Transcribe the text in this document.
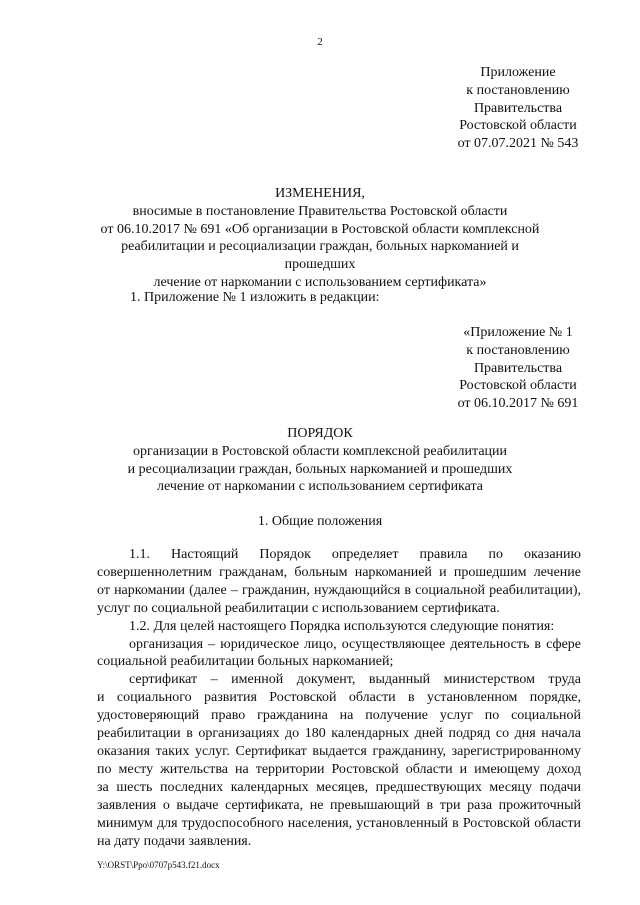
2
Приложение
к постановлению
Правительства
Ростовской области
от 07.07.2021 № 543
ИЗМЕНЕНИЯ,
вносимые в постановление Правительства Ростовской области
от 06.10.2017 № 691 «Об организации в Ростовской области комплексной
реабилитации и ресоциализации граждан, больных наркоманией и прошедших
лечение от наркомании с использованием сертификата»
1. Приложение № 1 изложить в редакции:
«Приложение № 1
к постановлению
Правительства
Ростовской области
от 06.10.2017 № 691
ПОРЯДОК
организации в Ростовской области комплексной реабилитации
и ресоциализации граждан, больных наркоманией и прошедших
лечение от наркомании с использованием сертификата
1. Общие положения
1.1. Настоящий Порядок определяет правила по оказанию
совершеннолетним гражданам, больным наркоманией и прошедшим лечение
от наркомании (далее – гражданин, нуждающийся в социальной реабилитации),
услуг по социальной реабилитации с использованием сертификата.
1.2. Для целей настоящего Порядка используются следующие понятия:
организация – юридическое лицо, осуществляющее деятельность в сфере
социальной реабилитации больных наркоманией;
сертификат – именной документ, выданный министерством труда
и социального развития Ростовской области в установленном порядке,
удостоверяющий право гражданина на получение услуг по социальной
реабилитации в организациях до 180 календарных дней подряд со дня начала
оказания таких услуг. Сертификат выдается гражданину, зарегистрированному
по месту жительства на территории Ростовской области и имеющему доход
за шесть последних календарных месяцев, предшествующих месяцу подачи
заявления о выдаче сертификата, не превышающий в три раза прожиточный
минимум для трудоспособного населения, установленный в Ростовской области
на дату подачи заявления.
Y:\ORST\Ppo\0707p543.f21.docx
